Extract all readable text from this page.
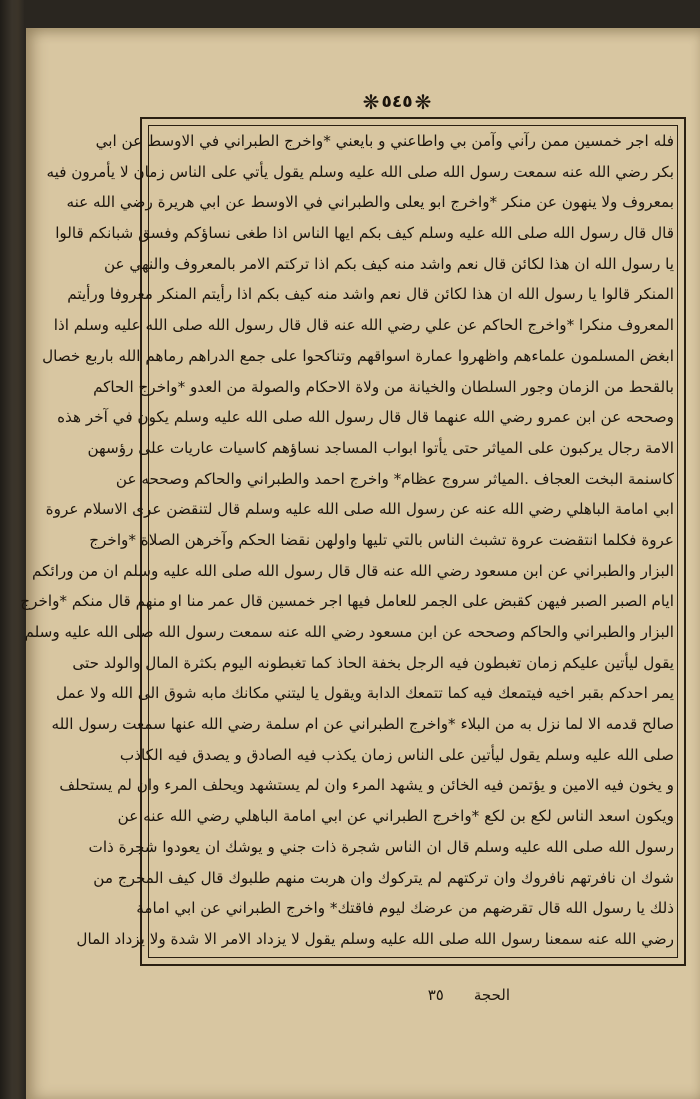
❋
٥٤٥
❋
فله اجر خمسين ممن رآني وآمن بي واطاعني و بايعني *واخرج الطبراني في الاوسط عن ابي
بكر رضي الله عنه سمعت رسول الله صلى الله عليه وسلم يقول يأتي على الناس زمان لا يأمرون فيه
بمعروف ولا ينهون عن منكر *واخرج ابو يعلى والطبراني في الاوسط عن ابي هريرة رضي الله عنه
قال قال رسول الله صلى الله عليه وسلم كيف بكم ايها الناس اذا طغى نساؤكم وفسق شبانكم قالوا
يا رسول الله ان هذا لكائن قال نعم واشد منه كيف بكم اذا تركتم الامر بالمعروف والنهي عن
المنكر قالوا يا رسول الله ان هذا لكائن قال نعم واشد منه كيف بكم اذا رأيتم المنكر معروفا ورأيتم
المعروف منكرا *واخرج الحاكم عن علي رضي الله عنه قال قال رسول الله صلى الله عليه وسلم اذا
ابغض المسلمون علماءهم واظهروا عمارة اسواقهم وتناكحوا على جمع الدراهم رماهم الله باربع خصال
بالقحط من الزمان وجور السلطان والخيانة من ولاة الاحكام والصولة من العدو *واخرج الحاكم
وصححه عن ابن عمرو رضي الله عنهما قال قال رسول الله صلى الله عليه وسلم يكون في آخر هذه
الامة رجال يركبون على المياثر حتى يأتوا ابواب المساجد نساؤهم كاسيات عاريات على رؤسهن
كاسنمة البخت العجاف .المياثر سروج عظام* واخرج احمد والطبراني والحاكم وصححه عن
ابي امامة الباهلي رضي الله عنه عن رسول الله صلى الله عليه وسلم قال لتنقضن عرى الاسلام عروة
عروة فكلما انتقضت عروة تشبث الناس بالتي تليها واولهن نقضا الحكم وآخرهن الصلاة *واخرج
البزار والطبراني عن ابن مسعود رضي الله عنه قال قال رسول الله صلى الله عليه وسلم ان من ورائكم
ايام الصبر الصبر فيهن كقبض على الجمر للعامل فيها اجر خمسين قال عمر منا او منهم قال منكم *واخرج
البزار والطبراني والحاكم وصححه عن ابن مسعود رضي الله عنه سمعت رسول الله صلى الله عليه وسلم
يقول ليأتين عليكم زمان تغبطون فيه الرجل بخفة الحاذ كما تغبطونه اليوم بكثرة المال والولد حتى
يمر احدكم بقبر اخيه فيتمعك فيه كما تتمعك الدابة ويقول يا ليتني مكانك مابه شوق الى الله ولا عمل
صالح قدمه الا لما نزل به من البلاء *واخرج الطبراني عن ام سلمة رضي الله عنها سمعت رسول الله
صلى الله عليه وسلم يقول ليأتين على الناس زمان يكذب فيه الصادق و يصدق فيه الكاذب
و يخون فيه الامين و يؤتمن فيه الخائن و يشهد المرء وان لم يستشهد ويحلف المرء وان لم يستحلف
ويكون اسعد الناس لكع بن لكع *واخرج الطبراني عن ابي امامة الباهلي رضي الله عنه عن
رسول الله صلى الله عليه وسلم قال ان الناس شجرة ذات جني و يوشك ان يعودوا شجرة ذات
شوك ان نافرتهم نافروك وان تركتهم لم يتركوك وان هربت منهم طلبوك قال كيف المخرج من
ذلك يا رسول الله قال تقرضهم من عرضك ليوم فاقتك* واخرج الطبراني عن ابي امامة
رضي الله عنه سمعنا رسول الله صلى الله عليه وسلم يقول لا يزداد الامر الا شدة ولا يزداد المال
الحجة
٣٥
